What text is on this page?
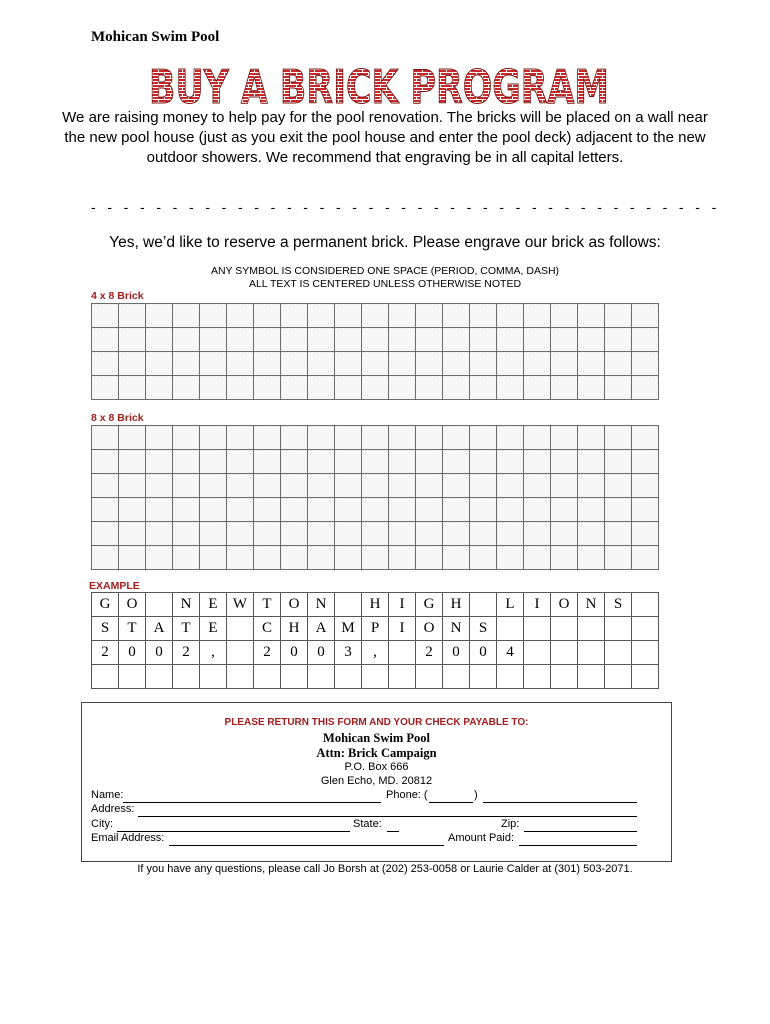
Mohican Swim Pool
BUY A BRICK PROGRAM
We are raising money to help pay for the pool renovation. The bricks will be placed on a wall near the new pool house (just as you exit the pool house and enter the pool deck) adjacent to the new outdoor showers. We recommend that engraving be in all capital letters.
-   -   -   -   -   -   -   -   -   -   -   -   -   -   -   -   -   -   -   -   -   -   -   -   -   -   -   -   -   -   -   -   -   -   -   -   -   -   -
Yes, we’d like to reserve a permanent brick. Please engrave our brick as follows:
ANY SYMBOL IS CONSIDERED ONE SPACE (PERIOD, COMMA, DASH)
ALL TEXT IS CENTERED UNLESS OTHERWISE NOTED
4 x 8 Brick

8 x 8 Brick

EXAMPLE
G	O		N	E	W	T	O	N		H	I	G	H		L	I	O	N	S	
S	T	A	T	E		C	H	A	M	P	I	O	N	S						
2	0	0	2	,		2	0	0	3	,		2	0	0	4					

PLEASE RETURN THIS FORM AND YOUR CHECK PAYABLE TO:
Mohican Swim Pool
Attn: Brick Campaign
P.O. Box 666
Glen Echo, MD. 20812
Name:	Phone: (	)
Address:
City:	State:	Zip:
Email Address:	Amount Paid:
If you have any questions, please call Jo Borsh at (202) 253-0058 or Laurie Calder at (301) 503-2071.
